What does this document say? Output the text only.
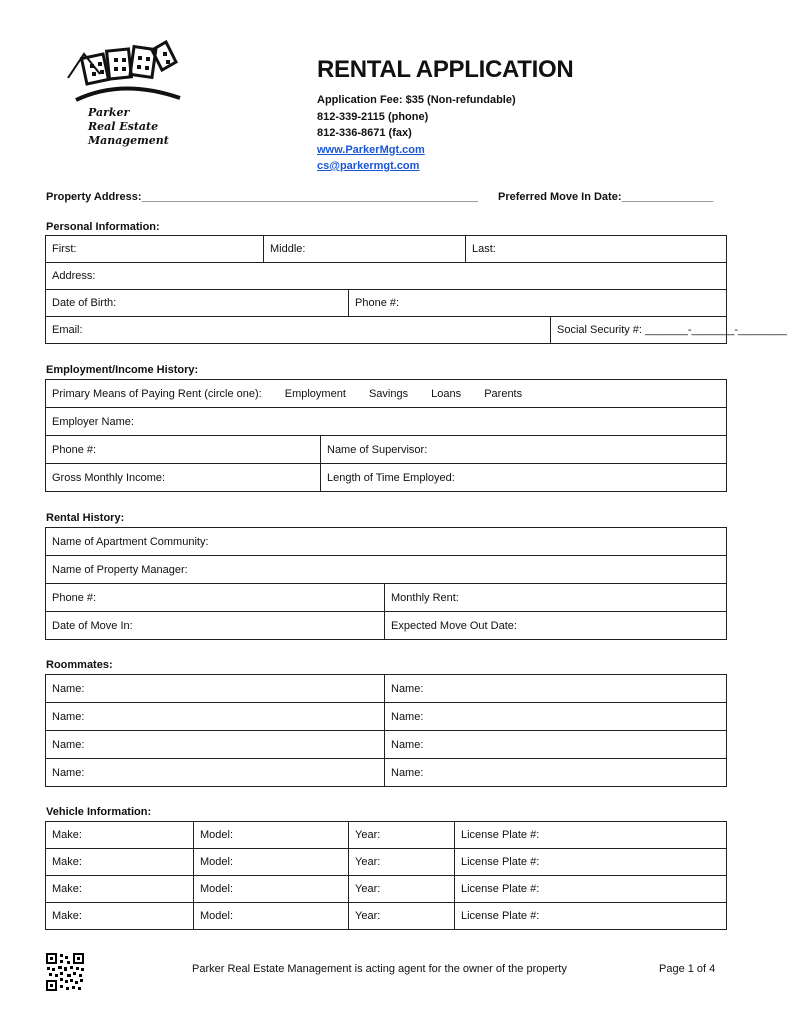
Parker
Real Estate
Management
RENTAL APPLICATION
Application Fee: $35 (Non-refundable)
812-339-2115 (phone)
812-336-8671 (fax)
www.ParkerMgt.com
cs@parkermgt.com
Property Address:_______________________________________________________ Preferred Move In Date:_______________
Personal Information:
First:	Middle:		Last:	
Address:				
Date of Birth:		Phone #:		
Email:				Social Security #: _______-_______-________
Employment/Income History:
Primary Means of Paying Rent (circle one): Employment Savings Loans Parents	
Employer Name:	
Phone #:	Name of Supervisor:
Gross Monthly Income:	Length of Time Employed:
Rental History:
Name of Apartment Community:	
Name of Property Manager:	
Phone #:	Monthly Rent:
Date of Move In:	Expected Move Out Date:
Roommates:
Name:	Name:
Name:	Name:
Name:	Name:
Name:	Name:
Vehicle Information:
Make:	Model:	Year:	License Plate #:
Make:	Model:	Year:	License Plate #:
Make:	Model:	Year:	License Plate #:
Make:	Model:	Year:	License Plate #:
Parker Real Estate Management is acting agent for the owner of the property	Page 1 of 4
